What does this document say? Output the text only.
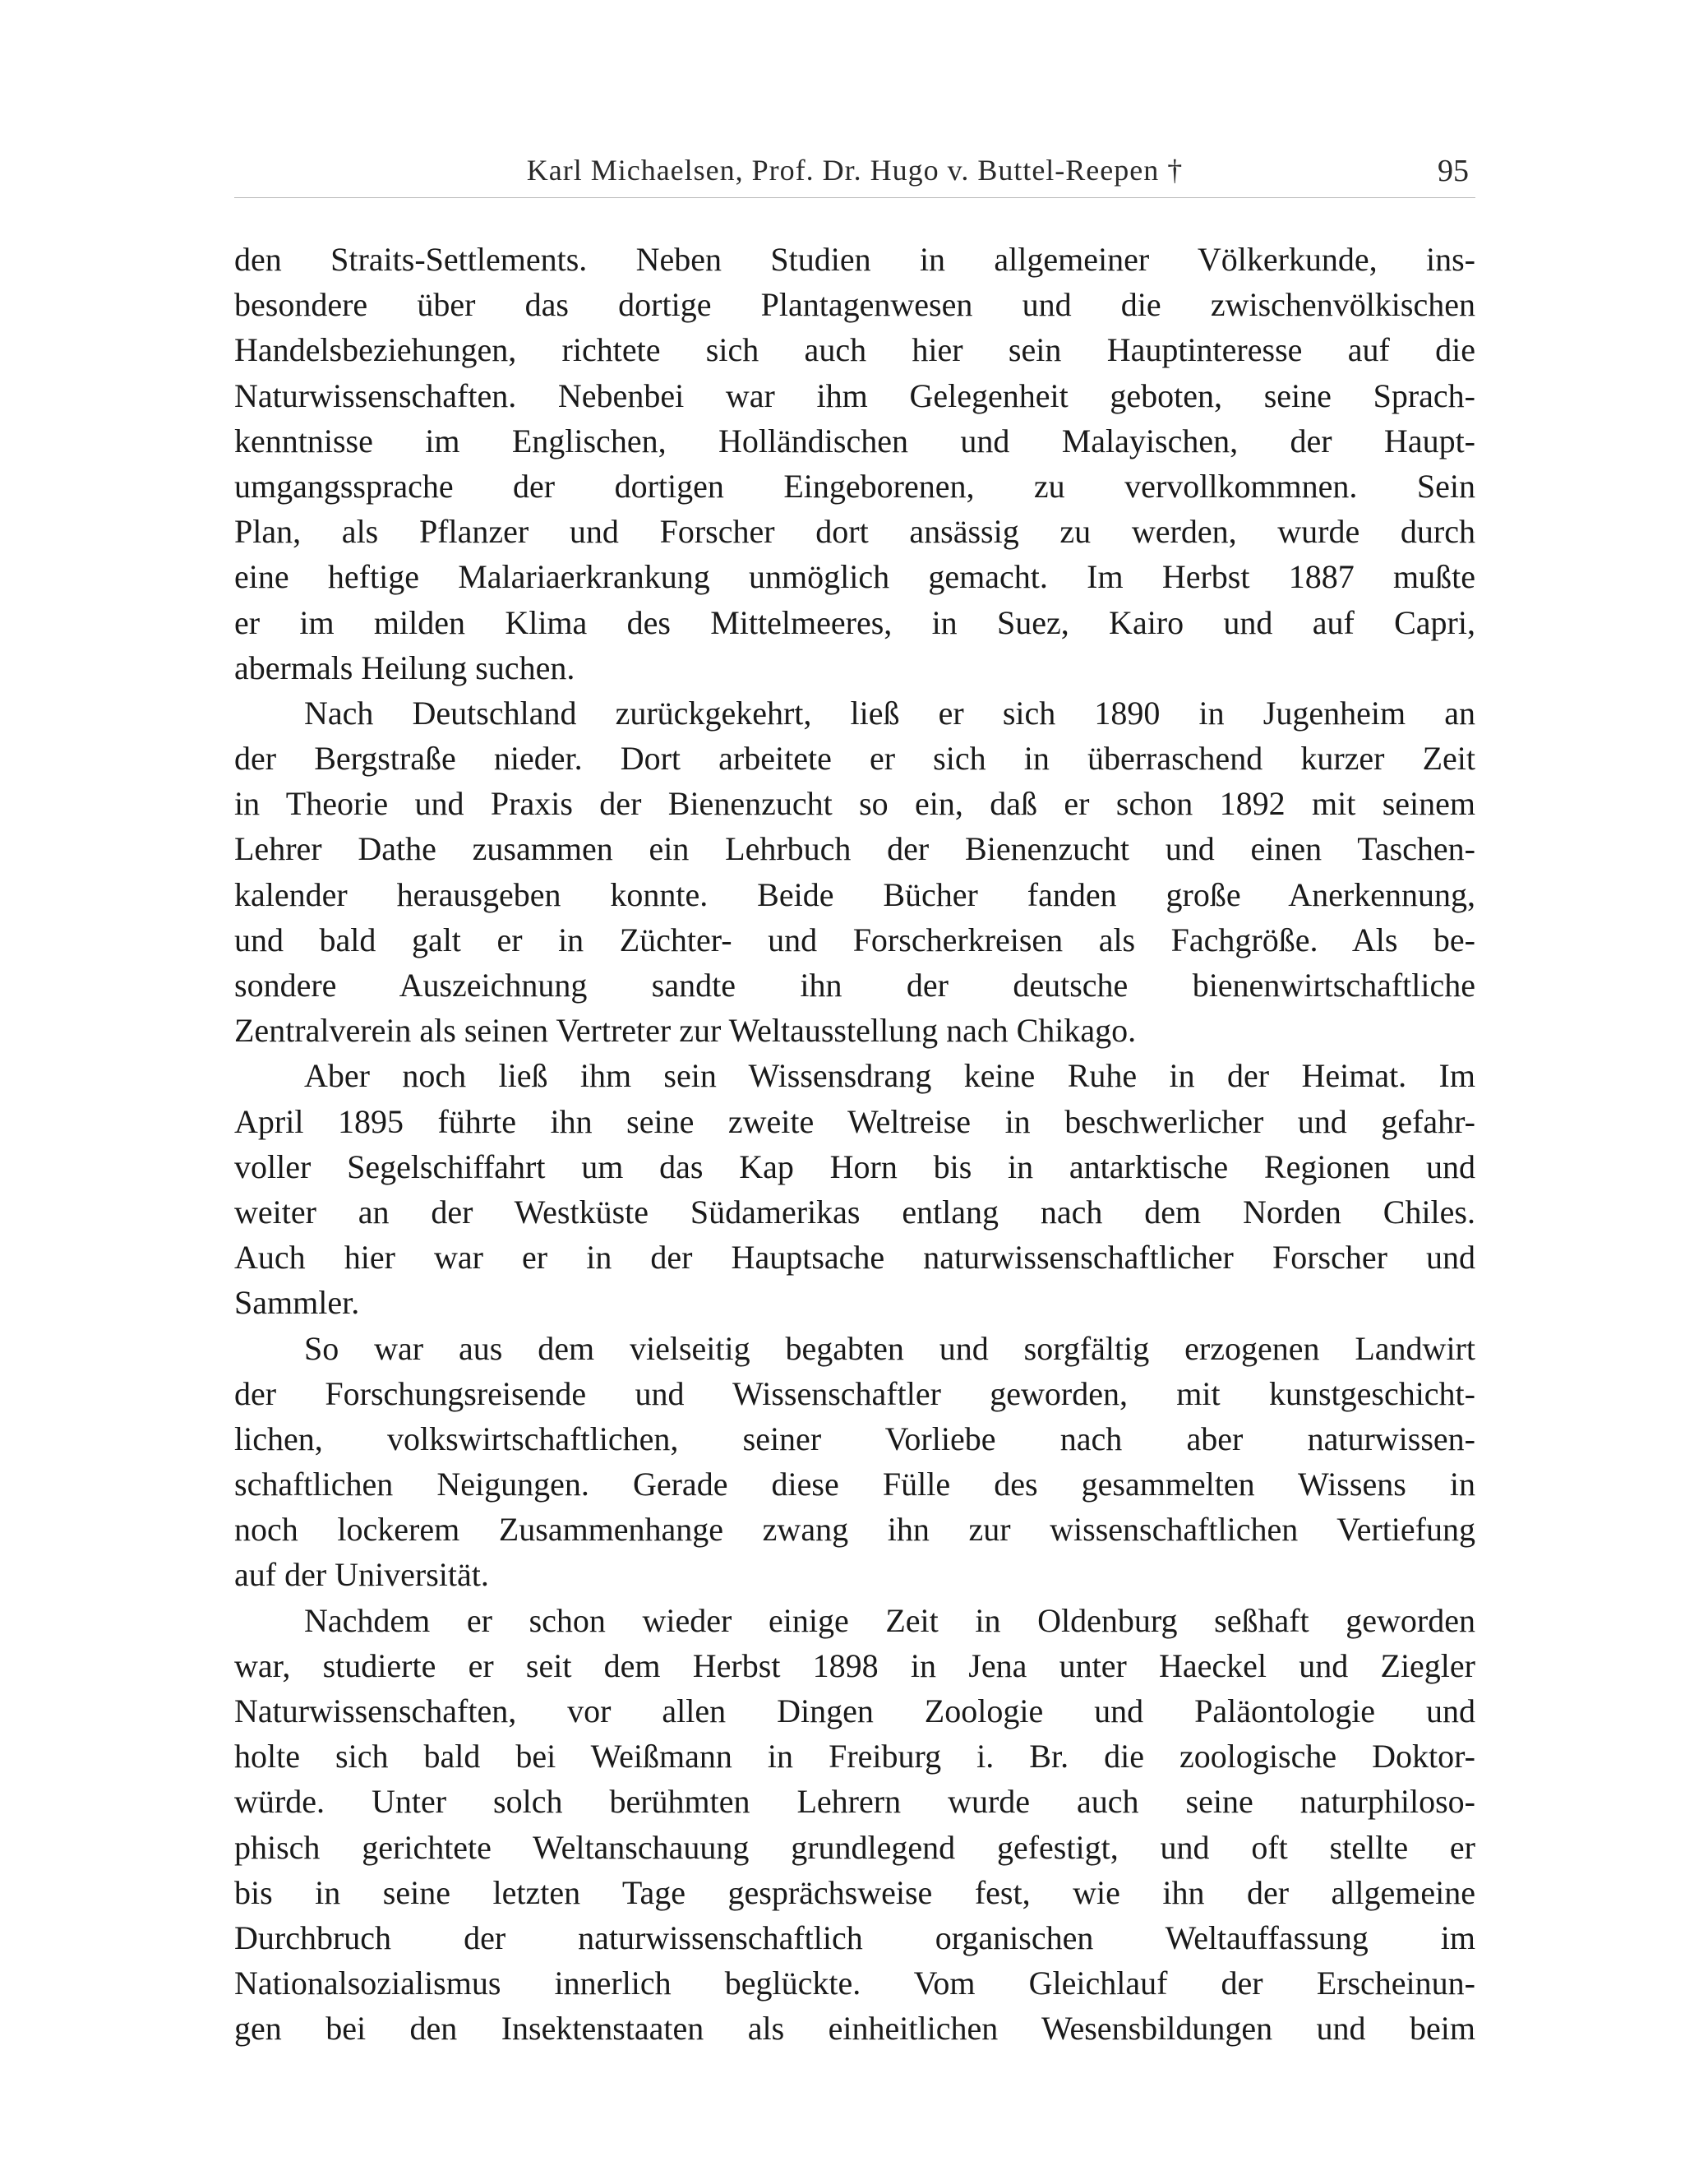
Karl Michaelsen, Prof. Dr. Hugo v. Buttel-Reepen †	95
den Straits-Settlements. Neben Studien in allgemeiner Völkerkunde, ins-
besondere über das dortige Plantagenwesen und die zwischenvölkischen
Handelsbeziehungen, richtete sich auch hier sein Hauptinteresse auf die
Naturwissenschaften. Nebenbei war ihm Gelegenheit geboten, seine Sprach-
kenntnisse im Englischen, Holländischen und Malayischen, der Haupt-
umgangssprache der dortigen Eingeborenen, zu vervollkommnen. Sein
Plan, als Pflanzer und Forscher dort ansässig zu werden, wurde durch
eine heftige Malariaerkrankung unmöglich gemacht. Im Herbst 1887 mußte
er im milden Klima des Mittelmeeres, in Suez, Kairo und auf Capri,
abermals Heilung suchen.
Nach Deutschland zurückgekehrt, ließ er sich 1890 in Jugenheim an
der Bergstraße nieder. Dort arbeitete er sich in überraschend kurzer Zeit
in Theorie und Praxis der Bienenzucht so ein, daß er schon 1892 mit seinem
Lehrer Dathe zusammen ein Lehrbuch der Bienenzucht und einen Taschen-
kalender herausgeben konnte. Beide Bücher fanden große Anerkennung,
und bald galt er in Züchter- und Forscherkreisen als Fachgröße. Als be-
sondere Auszeichnung sandte ihn der deutsche bienenwirtschaftliche
Zentralverein als seinen Vertreter zur Weltausstellung nach Chikago.
Aber noch ließ ihm sein Wissensdrang keine Ruhe in der Heimat. Im
April 1895 führte ihn seine zweite Weltreise in beschwerlicher und gefahr-
voller Segelschiffahrt um das Kap Horn bis in antarktische Regionen und
weiter an der Westküste Südamerikas entlang nach dem Norden Chiles.
Auch hier war er in der Hauptsache naturwissenschaftlicher Forscher und
Sammler.
So war aus dem vielseitig begabten und sorgfältig erzogenen Landwirt
der Forschungsreisende und Wissenschaftler geworden, mit kunstgeschicht-
lichen, volkswirtschaftlichen, seiner Vorliebe nach aber naturwissen-
schaftlichen Neigungen. Gerade diese Fülle des gesammelten Wissens in
noch lockerem Zusammenhange zwang ihn zur wissenschaftlichen Vertiefung
auf der Universität.
Nachdem er schon wieder einige Zeit in Oldenburg seßhaft geworden
war, studierte er seit dem Herbst 1898 in Jena unter Haeckel und Ziegler
Naturwissenschaften, vor allen Dingen Zoologie und Paläontologie und
holte sich bald bei Weißmann in Freiburg i. Br. die zoologische Doktor-
würde. Unter solch berühmten Lehrern wurde auch seine naturphiloso-
phisch gerichtete Weltanschauung grundlegend gefestigt, und oft stellte er
bis in seine letzten Tage gesprächsweise fest, wie ihn der allgemeine
Durchbruch der naturwissenschaftlich organischen Weltauffassung im
Nationalsozialismus innerlich beglückte. Vom Gleichlauf der Erscheinun-
gen bei den Insektenstaaten als einheitlichen Wesensbildungen und beim
